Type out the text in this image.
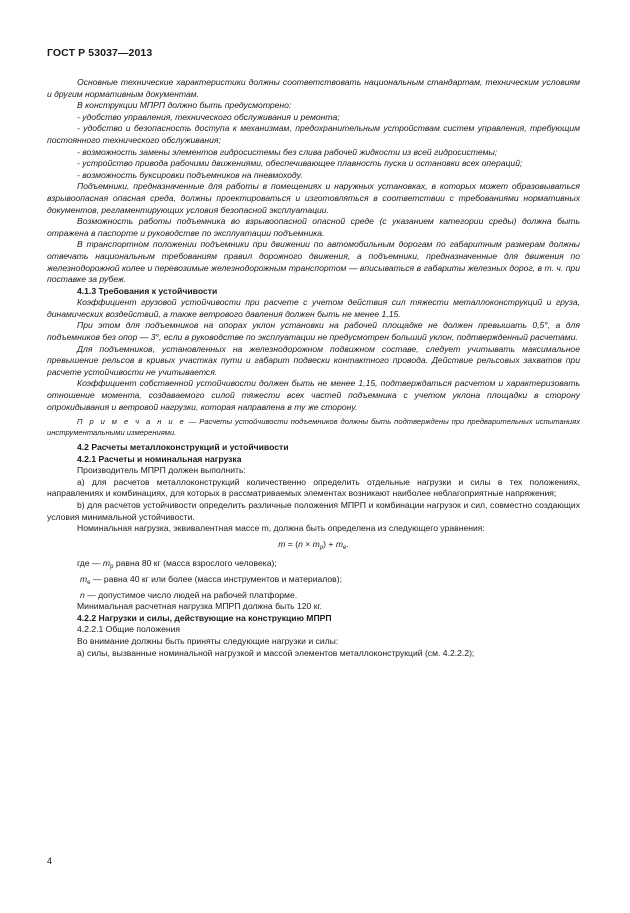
ГОСТ Р 53037—2013

Основные технические характеристики должны соответствовать национальным стандартам, техническим условиям и другим нормативным документам.

В конструкции МПРП должно быть предусмотрено:

- удобство управления, технического обслуживания и ремонта;

- удобство и безопасность доступа к механизмам, предохранительным устройствам систем управления, требующим постоянного технического обслуживания;

- возможность замены элементов гидросистемы без слива рабочей жидкости из всей гидросистемы;

- устройство привода рабочими движениями, обеспечивающее плавность пуска и остановки всех операций;

- возможность буксировки подъемников на пневмоходу.

Подъемники, предназначенные для работы в помещениях и наружных установках, в которых может образовываться взрывоопасная опасная среда, должны проектироваться и изготовляться в соответствии с требованиями нормативных документов, регламентирующих условия безопасной эксплуатации.

Возможность работы подъемника во взрывоопасной опасной среде (с указанием категории среды) должна быть отражена в паспорте и руководстве по эксплуатации подъемника.

В транспортном положении подъемники при движении по автомобильным дорогам по габаритным размерам должны отвечать национальным требованиям правил дорожного движения, а подъемники, предназначенные для движения по железнодорожной колее и перевозимые железнодорожным транспортом — вписываться в габариты железных дорог, в т. ч. при поставке за рубеж.

4.1.3 Требования к устойчивости

Коэффициент грузовой устойчивости при расчете с учетом действия сил тяжести металлоконструкций и груза, динамических воздействий, а также ветрового давления должен быть не менее 1,15.

При этом для подъемников на опорах уклон установки на рабочей площадке не должен превышать 0,5°, а для подъемников без опор — 3°, если в руководстве по эксплуатации не предусмотрен больший уклон, подтвержденный расчетами.

Для подъемников, установленных на железнодорожном подвижном составе, следует учитывать максимальное превышение рельсов в кривых участках пути и габарит подвески контактного провода. Действие рельсовых захватов при расчете устойчивости не учитывается.

Коэффициент собственной устойчивости должен быть не менее 1,15, подтверждаться расчетом и характеризовать отношение момента, создаваемого силой тяжести всех частей подъемника с учетом уклона площадки в сторону опрокидывания и ветровой нагрузки, которая направлена в ту же сторону.

П р и м е ч а н и е — Расчеты устойчивости подъемников должны быть подтверждены при предварительных испытаниях инструментальными измерениями.

4.2 Расчеты металлоконструкций и устойчивости

4.2.1 Расчеты и номинальная нагрузка

Производитель МПРП должен выполнить:

a) для расчетов металлоконструкций количественно определить отдельные нагрузки и силы в тех положениях, направлениях и комбинациях, для которых в рассматриваемых элементах возникают наиболее неблагоприятные напряжения;

b) для расчетов устойчивости определить различные положения МПРП и комбинации нагрузок и сил, совместно создающих условия минимальной устойчивости.

Номинальная нагрузка, эквивалентная массе m, должна быть определена из следующего уравнения:

$m = (n \times m_p) + m_e$.

где — $m_p$ равна 80 кг (масса взрослого человека);

$m_e$ — равна 40 кг или более (масса инструментов и материалов);

n — допустимое число людей на рабочей платформе.

Минимальная расчетная нагрузка МПРП должна быть 120 кг.

4.2.2 Нагрузки и силы, действующие на конструкцию МПРП

4.2.2.1 Общие положения

Во внимание должны быть приняты следующие нагрузки и силы:

а) силы, вызванные номинальной нагрузкой и массой элементов металлоконструкций (см. 4.2.2.2);

4
